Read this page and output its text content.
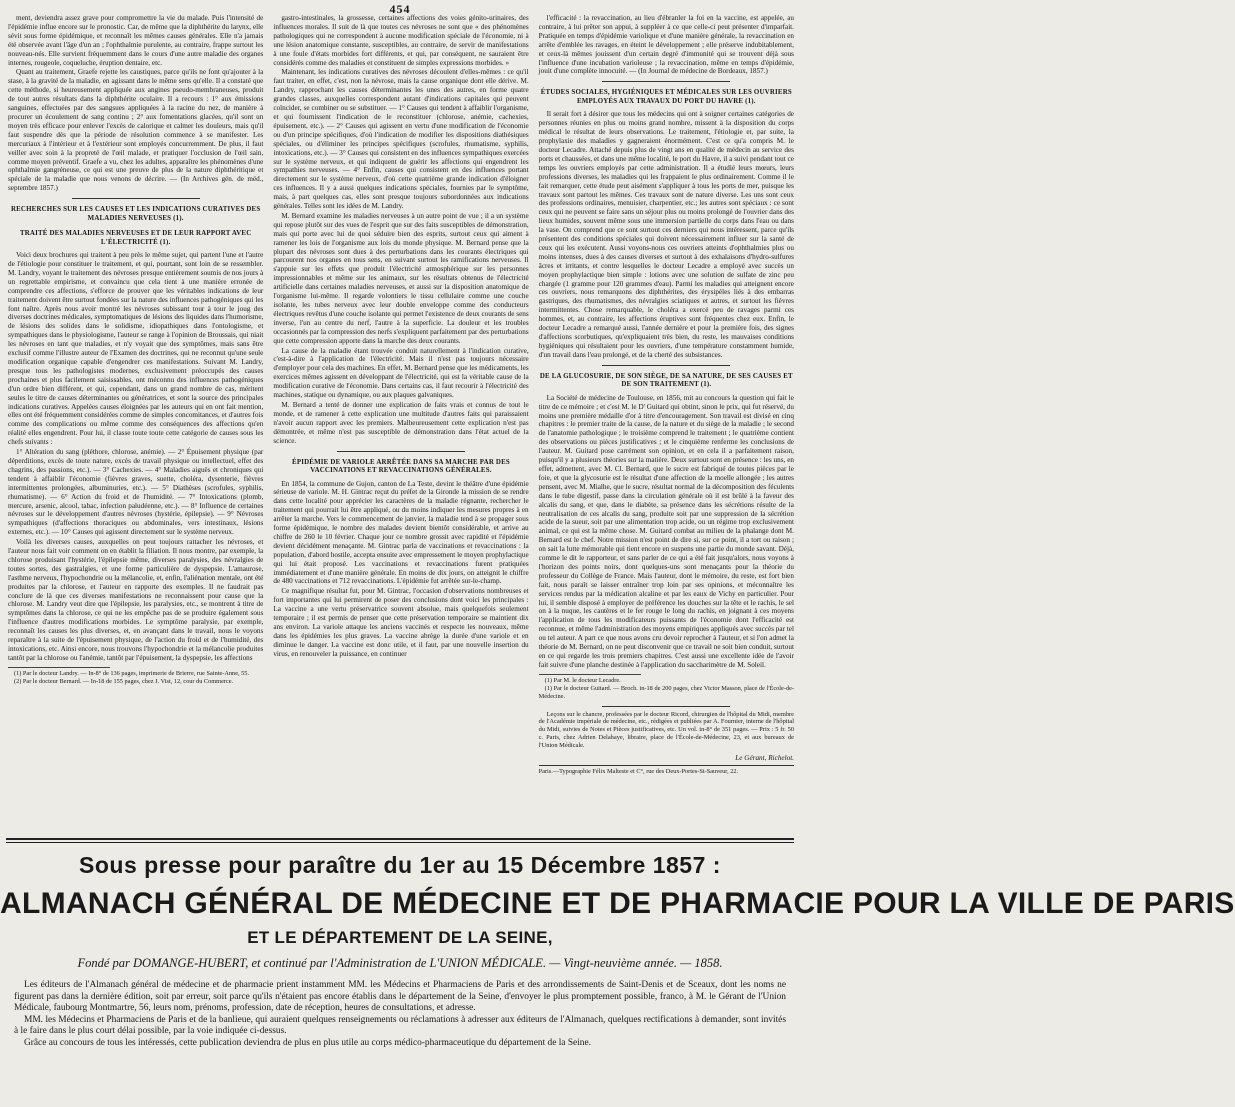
454

ment, deviendra assez grave pour compromettre la vie du malade. Puis l'intensité de l'épidémie influe encore sur le pronostic. Car, de même que la diphthérite du larynx, elle sévit sous forme épidémique, et reconnaît les mêmes causes générales. Elle n'a jamais été observée avant l'âge d'un an ; l'ophthalmie purulente, au contraire, frappe surtout les nouveau-nés. Elle survient fréquemment dans le cours d'une autre maladie des organes internes, rougeole, coqueluche, éruption dentaire, etc.

Quant au traitement, Graefe rejette les caustiques, parce qu'ils ne font qu'ajouter à la stase, à la gravité de la maladie, en agissant dans le même sens qu'elle. Il a constaté que cette méthode, si heureusement appliquée aux angines pseudo-membraneuses, produit de tout autres résultats dans la diphthérite oculaire. Il a recours : 1° aux émissions sanguines, effectuées par des sangsues appliquées à la racine du nez, de manière à procurer un écoulement de sang continu ; 2° aux fomentations glacées, qu'il sont un moyen très efficace pour enlever l'excès de calorique et calmer les douleurs, mais qu'il faut suspendre dès que la période de résolution commence à se manifester. Les mercuriaux à l'intérieur et à l'extérieur sont employés concurremment. De plus, il faut veiller avec soin à la propreté de l'œil malade, et pratiquer l'occlusion de l'œil sain, comme moyen préventif. Graefe a vu, chez les adultes, apparaître les phénomènes d'une ophthalmie gangréneuse, ce qui est une preuve de plus de la nature diphthéritique et spéciale de la maladie que nous venons de décrire. — (In Archives gén. de méd., septembre 1857.)

RECHERCHES SUR LES CAUSES ET LES INDICATIONS CURATIVES DES MALADIES NERVEUSES (1).
TRAITÉ DES MALADIES NERVEUSES ET DE LEUR RAPPORT AVEC L'ÉLECTRICITÉ (1).

Voici deux brochures qui traitent à peu près le même sujet, qui partent l'une et l'autre de l'étiologie pour constituer le traitement, et qui, pourtant, sont loin de se ressembler. M. Landry, voyant le traitement des névroses presque entièrement soumis de nos jours à un regrettable empirisme, et convaincu que cela tient à une manière erronée de comprendre ces affections, s'efforce de prouver que les véritables indications de leur traitement doivent être surtout fondées sur la nature des influences pathogéniques qui les font naître. Après nous avoir montré les névroses subissant tour à tour le joug des diverses doctrines médicales, symptomatiques de lésions des liquides dans l'humorisme, de lésions des solides dans le solidisme, idiopathiques dans l'ontologisme, et sympathiques dans le physiologisme, l'auteur se range à l'opinion de Broussais, qui niait les névroses en tant que maladies, et n'y voyait que des symptômes, mais sans être exclusif comme l'illustre auteur de l'Examen des doctrines, qui ne reconnut qu'une seule modification organique capable d'engendrer ces manifestations. Suivant M. Landry, presque tous les pathologistes modernes, exclusivement préoccupés des causes prochaines et plus facilement saisissables, ont méconnu des influences pathogéniques d'un ordre bien différent, et qui, cependant, dans un grand nombre de cas, méritent seules le titre de causes déterminantes ou génératrices, et sont la source des principales indications curatives. Appelées causes éloignées par les auteurs qui en ont fait mention, elles ont été fréquemment considérées comme de simples concomitances, et d'autres fois comme des complications ou même comme des conséquences des affections qu'en réalité elles engendrent. Pour lui, il classe toute toute cette catégorie de causes sous les chefs suivants :

1° Altération du sang (pléthore, chlorose, anémie). — 2° Épuisement physique (par déperditions, excès de toute nature, excès de travail physique ou intellectuel, effet des chagrins, des passions, etc.). — 3° Cachexies. — 4° Maladies aiguës et chroniques qui tendent à affaiblir l'économie (fièvres graves, suette, choléra, dysenterie, fièvres intermittentes prolongées, albuminuries, etc.). — 5° Diathèses (scrofules, syphilis, rhumatisme). — 6° Action du froid et de l'humidité. — 7° Intoxications (plomb, mercure, arsenic, alcool, tabac, infection paludéenne, etc.). — 8° Influence de certaines névroses sur le développement d'autres névroses (hystérie, épilepsie). — 9° Névroses sympathiques (d'affections thoraciques ou abdominales, vers intestinaux, lésions externes, etc.). — 10° Causes qui agissent directement sur le système nerveux.

Voilà les diverses causes, auxquelles on peut toujours rattacher les névroses, et l'auteur nous fait voir comment on en établit la filiation. Il nous montre, par exemple, la chlorose produisant l'hystérie, l'épilepsie même, diverses paralysies, des névralgies de toutes sortes, des gastralgies, et une forme particulière de dyspepsie. L'amaurose, l'asthme nerveux, l'hypochondrie ou la mélancolie, et, enfin, l'aliénation mentale, ont été produites par la chlorose, et l'auteur en rapporte des exemples. Il ne faudrait pas conclure de là que ces diverses manifestations ne reconnaissent pour cause que la chlorose. M. Landry veut dire que l'épilepsie, les paralysies, etc., se montrent à titre de symptômes dans la chlorose, ce qui ne les empêche pas de se produire également sous l'influence d'autres modifications morbides. Le symptôme paralysie, par exemple, reconnaît les causes les plus diverses, et, en avançant dans le travail, nous le voyons reparaître à la suite de l'épuisement physique, de l'action du froid et de l'humidité, des intoxications, etc. Ainsi encore, nous trouvons l'hypochondrie et la mélancolie produites tantôt par la chlorose ou l'anémie, tantôt par l'épuisement, la dyspepsie, les affections

(1) Par le docteur Landry. — In-8° de 136 pages, imprimerie de Brierre, rue Sainte-Anne, 55.

(2) Par le docteur Bernard. — In-18 de 155 pages, chez J. Vist, 12, cour du Commerce.

gastro-intestinales, la grossesse, certaines affections des voies génito-urinaires, des influences morales. Il suit de là que toutes ces névroses ne sont que « des phénomènes pathologiques qui ne correspondent à aucune modification spéciale de l'économie, ni à une lésion anatomique constante, susceptibles, au contraire, de servir de manifestations à une foule d'états morbides fort différents, et qui, par conséquent, ne sauraient être considérés comme des maladies et constituent de simples expressions morbides. »

Maintenant, les indications curatives des névroses découlent d'elles-mêmes : ce qu'il faut traiter, en effet, c'est, non la névrose, mais la cause organique dont elle dérive. M. Landry, rapprochant les causes déterminantes les unes des autres, en forme quatre grandes classes, auxquelles correspondent autant d'indications capitales qui peuvent coïncider, se combiner ou se substituer. — 1° Causes qui tendent à affaiblir l'organisme, et qui fournissent l'indication de le reconstituer (chlorose, anémie, cachexies, épuisement, etc.). — 2° Causes qui agissent en vertu d'une modification de l'économie ou d'un principe spécifiques, d'où l'indication de modifier les dispositions diathésiques spéciales, ou d'éliminer les principes spécifiques (scrofules, rhumatisme, syphilis, intoxications, etc.). — 3° Causes qui consistent en des influences sympathiques exercées sur le système nerveux, et qui indiquent de guérir les affections qui engendrent les sympathies nerveuses. — 4° Enfin, causes qui consistent en des influences portant directement sur le système nerveux, d'où cette quatrième grande indication d'éloigner ces influences. Il y a aussi quelques indications spéciales, fournies par le symptôme, mais, à part quelques cas, elles sont presque toujours subordonnées aux indications générales. Telles sont les idées de M. Landry.

M. Bernard examine les maladies nerveuses à un autre point de vue ; il a un système qui repose plutôt sur des vues de l'esprit que sur des faits susceptibles de démonstration, mais qui porte avec lui de quoi séduire bien des esprits, surtout ceux qui aiment à ramener les lois de l'organisme aux lois du monde physique. M. Bernard pense que la plupart des névroses sont dues à des perturbations dans les courants électriques qui parcourent nos organes en tous sens, en suivant surtout les ramifications nerveuses. Il s'appuie sur les effets que produit l'électricité atmosphérique sur les personnes impressionnables et même sur les animaux, sur les résultats obtenus de l'électricité artificielle dans certaines maladies nerveuses, et aussi sur la disposition anatomique de l'organisme lui-même. Il regarde volontiers le tissu cellulaire comme une couche isolante, les tubes nerveux avec leur double enveloppe comme des conducteurs électriques revêtus d'une couche isolante qui permet l'existence de deux courants de sens inverse, l'un au centre du nerf, l'autre à la superficie. La douleur et les troubles occasionnés par la compression des nerfs s'expliquent parfaitement par des perturbations que cette compression apporte dans la marche des deux courants.

La cause de la maladie étant trouvée conduit naturellement à l'indication curative, c'est-à-dire à l'application de l'électricité. Mais il n'est pas toujours nécessaire d'employer pour cela des machines. En effet, M. Bernard pense que les médicaments, les exercices mêmes agissent en développant de l'électricité, qui est la véritable cause de la modification curative de l'économie. Dans certains cas, il faut recourir à l'électricité des machines, statique ou dynamique, ou aux plaques galvaniques.

M. Bernard a tenté de donner une explication de faits vrais et connus de tout le monde, et de ramener à cette explication une multitude d'autres faits qui paraissaient n'avoir aucun rapport avec les premiers. Malheureusement cette explication n'est pas démontrée, et même n'est pas susceptible de démonstration dans l'état actuel de la science.

ÉPIDÉMIE DE VARIOLE ARRÊTÉE DANS SA MARCHE PAR DES VACCINATIONS ET REVACCINATIONS GÉNÉRALES.

En 1854, la commune de Gujon, canton de La Teste, devint le théâtre d'une épidémie sérieuse de variole. M. H. Gintrac reçut du préfet de la Gironde la mission de se rendre dans cette localité pour apprécier les caractères de la maladie régnante, rechercher le traitement qui pourrait lui être appliqué, ou du moins indiquer les mesures propres à en arrêter la marche. Vers le commencement de janvier, la maladie tend à se propager sous forme épidémique, le nombre des malades devient bientôt considérable, et arrive au chiffre de 260 le 10 février. Chaque jour ce nombre grossit avec rapidité et l'épidémie devient décidément menaçante. M. Gintrac parla de vaccinations et revaccinations : la population, d'abord hostile, accepta ensuite avec empressement le moyen prophylactique qui lui était proposé. Les vaccinations et revaccinations furent pratiquées immédiatement et d'une manière générale. En moins de dix jours, on atteignit le chiffre de 480 vaccinations et 712 revaccinations. L'épidémie fut arrêtée sur-le-champ.

Ce magnifique résultat fut, pour M. Gintrac, l'occasion d'observations nombreuses et fort importantes qui lui permirent de poser des conclusions dont voici les principales : La vaccine a une vertu préservatrice souvent absolue, mais quelquefois seulement temporaire ; il est permis de penser que cette préservation temporaire se maintient dix ans environ. La variole attaque les anciens vaccinés et respecte les nouveaux, même dans les épidémies les plus graves. La vaccine abrège la durée d'une variole et en diminue le danger. La vaccine est donc utile, et il faut, par une nouvelle insertion du virus, en renouveler la puissance, en continuer

l'efficacité : la revaccination, au lieu d'ébranler la foi en la vaccine, est appelée, au contraire, à lui prêter son appui, à suppléer à ce que celle-ci peut présenter d'imparfait. Pratiquée en temps d'épidémie variolique et d'une manière générale, la revaccination en arrête d'emblée les ravages, en éteint le développement ; elle préserve indubitablement, et ceux-là mêmes jouissent d'un certain degré d'immunité qui se trouvent déjà sous l'influence d'une incubation varioleuse ; la revaccination, même en temps d'épidémie, jouit d'une complète innocuité. — (In Journal de médecine de Bordeaux, 1857.)

ÉTUDES SOCIALES, HYGIÉNIQUES ET MÉDICALES SUR LES OUVRIERS EMPLOYÉS AUX TRAVAUX DU PORT DU HAVRE (1).

Il serait fort à désirer que tous les médecins qui ont à soigner certaines catégories de personnes réunies en plus ou moins grand nombre, missent à la disposition du corps médical le résultat de leurs observations. Le traitement, l'étiologie et, par suite, la prophylaxie des maladies y gagneraient énormément. C'est ce qu'a compris M. le docteur Lecadre. Attaché depuis plus de vingt ans en qualité de médecin au service des ports et chaussées, et dans une même localité, le port du Havre, il a suivi pendant tout ce temps les ouvriers employés par cette administration. Il a étudié leurs mœurs, leurs professions diverses, les maladies qui les frappaient le plus ordinairement. Comme il le fait remarquer, cette étude peut aisément s'appliquer à tous les ports de mer, puisque les travaux sont partout les mêmes. Ces travaux sont de nature diverse. Les uns sont ceux des professions ordinaires, menuisier, charpentier, etc.; les autres sont spéciaux : ce sont ceux qui ne peuvent se faire sans un séjour plus ou moins prolongé de l'ouvrier dans des lieux humides, souvent même sous une immersion partielle du corps dans l'eau ou dans la vase. On comprend que ce sont surtout ces derniers qui nous intéressent, parce qu'ils présentent des conditions spéciales qui doivent nécessairement influer sur la santé de ceux qui les exécutent. Aussi voyons-nous ces ouvriers atteints d'ophthalmies plus ou moins intenses, dues à des causes diverses et surtout à des exhalaisons d'hydro-sulfures âcres et irritants, et contre lesquelles le docteur Lecadre a employé avec succès un moyen prophylactique bien simple : lotions avec une solution de sulfate de zinc peu chargée (1 gramme pour 120 grammes d'eau). Parmi les maladies qui atteignent encore ces ouvriers, nous remarquons des diphthérites, des érysipèles liés à des embarras gastriques, des rhumatismes, des névralgies sciatiques et autres, et surtout les fièvres intermittentes. Chose remarquable, le choléra a exercé peu de ravages parmi ces hommes, et, au contraire, les affections éruptives sont fréquentes chez eux. Enfin, le docteur Lecadre a remarqué aussi, l'année dernière et pour la première fois, des signes d'affections scorbutiques, qu'expliquaient très bien, du reste, les mauvaises conditions hygiéniques qui résultaient pour les ouvriers, d'une température constamment humide, d'un travail dans l'eau prolongé, et de la cherté des subsistances.

DE LA GLUCOSURIE, DE SON SIÈGE, DE SA NATURE, DE SES CAUSES ET DE SON TRAITEMENT (1).

La Société de médecine de Toulouse, en 1856, mit au concours la question qui fait le titre de ce mémoire ; et c'est M. le D' Guitard qui obtint, sinon le prix, qui fut réservé, du moins une première médaille d'or à titre d'encouragement. Son travail est divisé en cinq chapitres : le premier traite de la cause, de la nature et du siège de la maladie ; le second de l'anatomie pathologique ; le troisième comprend le traitement ; le quatrième contient des observations ou pièces justificatives ; et le cinquième renferme les conclusions de l'auteur. M. Guitard pose carrément son opinion, et en cela il a parfaitement raison, puisqu'il y a plusieurs théories sur la matière. Deux surtout sont en présence : les uns, en effet, admettent, avec M. Cl. Bernard, que le sucre est fabriqué de toutes pièces par le foie, et que la glycosurie est le résultat d'une affection de la moelle allongée ; les autres pensent, avec M. Mialhe, que le sucre, résultat normal de la décomposition des féculents dans le tube digestif, passe dans la circulation générale où il est brûlé à la faveur des alcalis du sang, et que, dans le diabète, sa présence dans les sécrétions résulte de la neutralisation de ces alcalis du sang, produite soit par une suppression de la sécrétion acide de la sueur, soit par une alimentation trop acide, ou un régime trop exclusivement animal, ce qui est la même chose. M. Guitard combat au milieu de la phalange dont M. Bernard est le chef. Notre mission n'est point de dire si, sur ce point, il a tort ou raison ; on sait la lutte mémorable qui tient encore en suspens une partie du monde savant. Déjà, comme le dit le rapporteur, et sans parler de ce qui a été fait jusqu'alors, nous voyons à l'horizon des points noirs, dont quelques-uns sont menaçants pour la théorie du professeur du Collège de France. Mais l'auteur, dont le mémoire, du reste, est fort bien fait, nous paraît se laisser entraîner trop loin par ses opinions, et méconnaître les services rendus par la médication alcaline et par les eaux de Vichy en particulier. Pour lui, il semble disposé à employer de préférence les douches sur la tête et le rachis, le sel on à la nuque, les cautères et le fer rouge le long du rachis, en joignant à ces moyens l'application de tous les modificateurs puissants de l'économie dont l'efficacité est reconnue, et même l'administration des moyens empiriques appliqués avec succès par tel ou tel auteur. A part ce que nous avons cru devoir reprocher à l'auteur, et si l'on admet la théorie de M. Bernard, on ne peut disconvenir que ce travail ne soit bien conduit, surtout en ce qui regarde les trois premiers chapitres. C'est aussi une excellente idée de l'avoir fait suivre d'une planche destinée à l'application du saccharimètre de M. Soleil.

(1) Par M. le docteur Lecadre.

(1) Par le docteur Guitard. — Broch. in-18 de 200 pages, chez Victor Masson, place de l'École-de-Médecine.

Leçons sur le chancre, professées par le docteur Ricord, chirurgien de l'hôpital du Midi, membre de l'Académie impériale de médecine, etc., rédigées et publiées par A. Fournier, interne de l'hôpital du Midi, suivies de Notes et Pièces justificatives, etc. Un vol. in-8° de 351 pages. — Prix : 5 fr. 50 c. Paris, chez Adrien Delahaye, libraire, place de l'École-de-Médecine, 23, et aux bureaux de l'Union Médicale.

Le Gérant, Richelot.

Paris.—Typographie Félix Malteste et C°, rue des Deux-Portes-St-Sauveur, 22.

Sous presse pour paraître du 1er au 15 Décembre 1857 :
ALMANACH GÉNÉRAL DE MÉDECINE ET DE PHARMACIE POUR LA VILLE DE PARIS
ET LE DÉPARTEMENT DE LA SEINE,
Fondé par DOMANGE-HUBERT, et continué par l'Administration de L'UNION MÉDICALE. — Vingt-neuvième année. — 1858.

Les éditeurs de l'Almanach général de médecine et de pharmacie prient instamment MM. les Médecins et Pharmaciens de Paris et des arrondissements de Saint-Denis et de Sceaux, dont les noms ne figurent pas dans la dernière édition, soit par erreur, soit parce qu'ils n'étaient pas encore établis dans le département de la Seine, d'envoyer le plus promptement possible, franco, à M. le Gérant de l'Union Médicale, faubourg Montmartre, 56, leurs nom, prénoms, profession, date de réception, heures de consultations, et adresse.

MM. les Médecins et Pharmaciens de Paris et de la banlieue, qui auraient quelques renseignements ou réclamations à adresser aux éditeurs de l'Almanach, quelques rectifications à demander, sont invités à le faire dans le plus court délai possible, par la voie indiquée ci-dessus.

Grâce au concours de tous les intéressés, cette publication deviendra de plus en plus utile au corps médico-pharmaceutique du département de la Seine.
